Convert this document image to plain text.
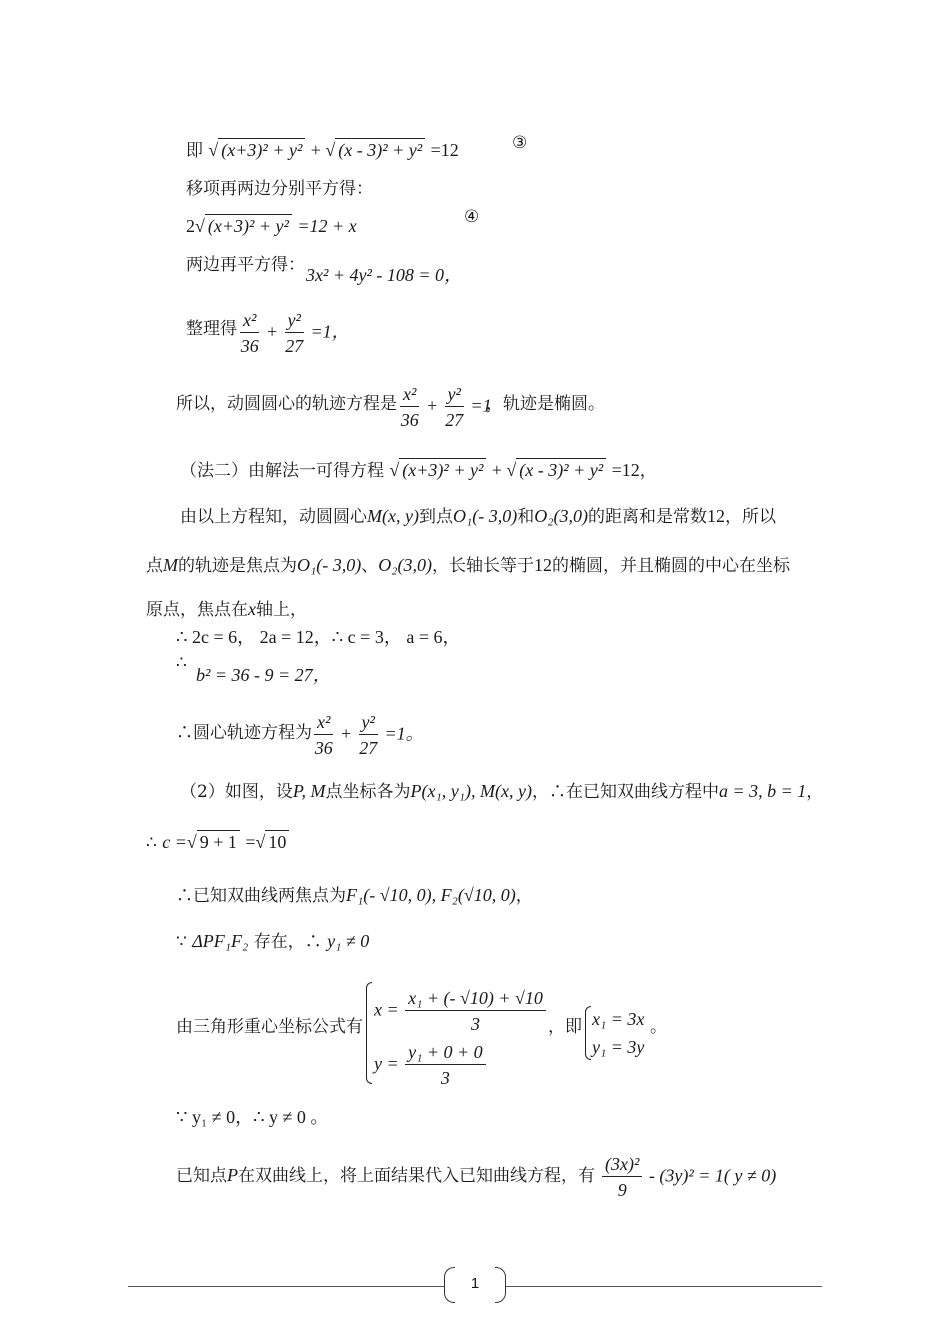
即 √ (x+3)² + y² + √ (x - 3)² + y² =12	③
移项再两边分别平方得：
2√ (x+3)² + y² =12 + x	④
两边再平方得： 3x² + 4y² - 108 = 0，
整理得 $\frac{\text{x²}}{36} + \frac{\text{y²}}{27} =1$，
所以，动圆圆心的轨迹方程是 $\frac{\text{x²}}{36} + \frac{\text{y²}}{27} =1$
，轨迹是椭圆。
（法二）由解法一可得方程 √ (x+3)² + y² + √ (x - 3)² + y² =12，
由以上方程知，动圆圆心M(x, y)到点O₁(- 3,0)和O₂(3,0)的距离和是常数12，所以
点M的轨迹是焦点为O₁(- 3,0)、O₂(3,0)，长轴长等于12的椭圆，并且椭圆的中心在坐标
原点，焦点在x轴上，
∴ 2c = 6， 2a = 12，∴ c = 3， a = 6，
∴
b² = 36 - 9 = 27，
∴圆心轨迹方程为 $\frac{\text{x²}}{36} + \frac{\text{y²}}{27} =1$。
（2）如图，设P, M点坐标各为P(x₁, y₁), M(x, y)，∴在已知双曲线方程中a = 3, b = 1，
∴ c =√ 9 + 1 =√ 10
∴已知双曲线两焦点为F₁(- √10, 0), F₂(√10, 0)，
∵ ΔPF₁F₂ 存在，∴ y₁ ≠ 0
由三角形重心坐标公式有
$x = \frac{\text{x₁ + (- √10) + √10}}{3}$
$y = \frac{\text{y₁ + 0 + 0}}{3}$
，即 x₁ = 3x
y₁ = 3y
。
∵ y₁ ≠ 0，∴ y ≠ 0 。
已知点P在双曲线上，将上面结果代入已知曲线方程，有 $\frac{\text{(3x)²}}{9} - (3y)^2 = 1$( y ≠ 0)
1
